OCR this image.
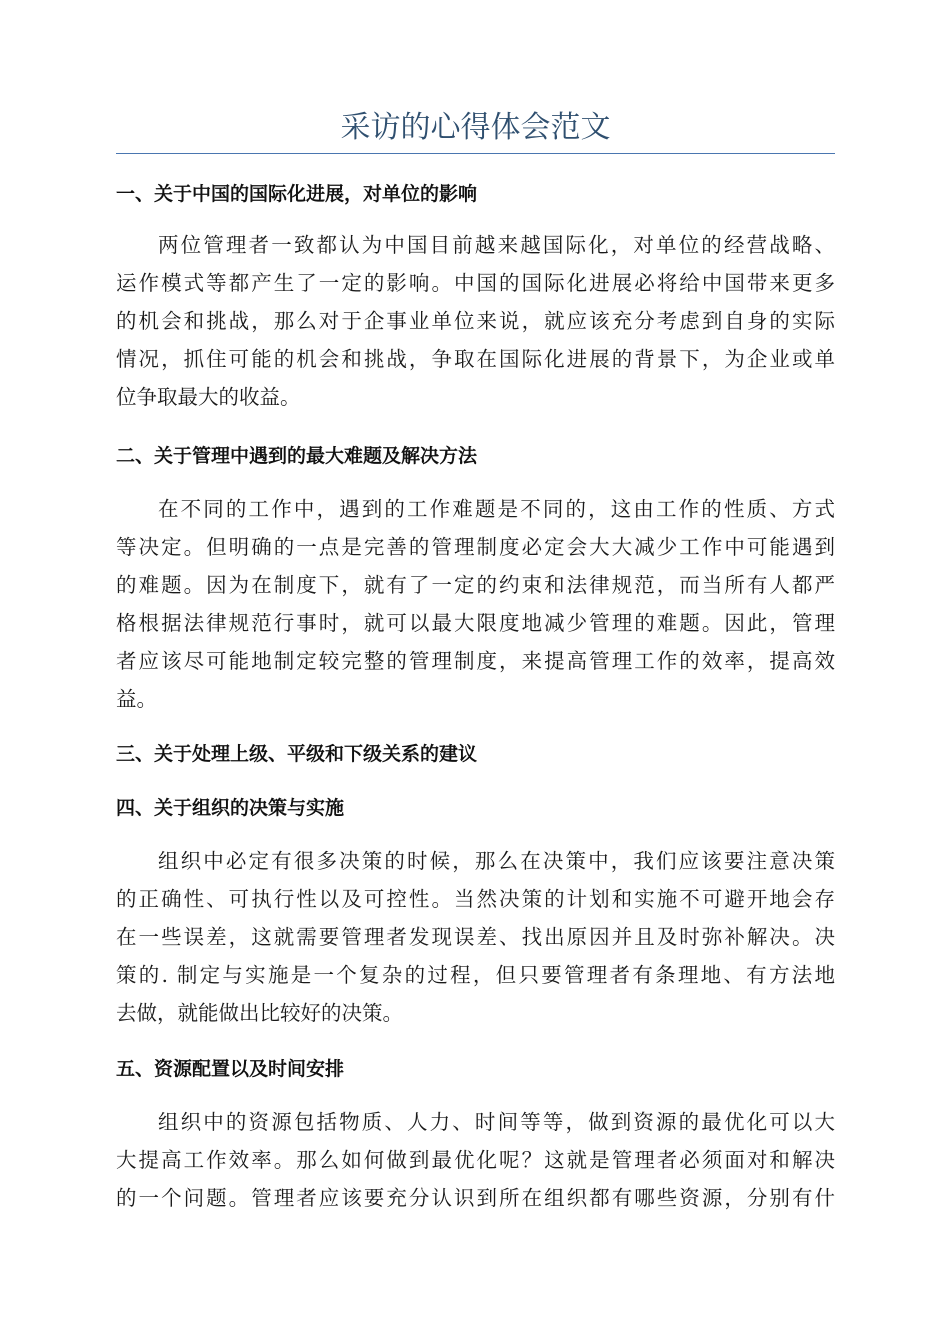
采访的心得体会范文
一、关于中国的国际化进展，对单位的影响
两位管理者一致都认为中国目前越来越国际化，对单位的经营战略、
运作模式等都产生了一定的影响。中国的国际化进展必将给中国带来更多
的机会和挑战，那么对于企事业单位来说，就应该充分考虑到自身的实际
情况，抓住可能的机会和挑战，争取在国际化进展的背景下，为企业或单
位争取最大的收益。
二、关于管理中遇到的最大难题及解决方法
在不同的工作中，遇到的工作难题是不同的，这由工作的性质、方式
等决定。但明确的一点是完善的管理制度必定会大大减少工作中可能遇到
的难题。因为在制度下，就有了一定的约束和法律规范，而当所有人都严
格根据法律规范行事时，就可以最大限度地减少管理的难题。因此，管理
者应该尽可能地制定较完整的管理制度，来提高管理工作的效率，提高效
益。
三、关于处理上级、平级和下级关系的建议
四、关于组织的决策与实施
组织中必定有很多决策的时候，那么在决策中，我们应该要注意决策
的正确性、可执行性以及可控性。当然决策的计划和实施不可避开地会存
在一些误差，这就需要管理者发现误差、找出原因并且及时弥补解决。决
策的. 制定与实施是一个复杂的过程，但只要管理者有条理地、有方法地
去做，就能做出比较好的决策。
五、资源配置以及时间安排
组织中的资源包括物质、人力、时间等等，做到资源的最优化可以大
大提高工作效率。那么如何做到最优化呢？这就是管理者必须面对和解决
的一个问题。管理者应该要充分认识到所在组织都有哪些资源，分别有什
